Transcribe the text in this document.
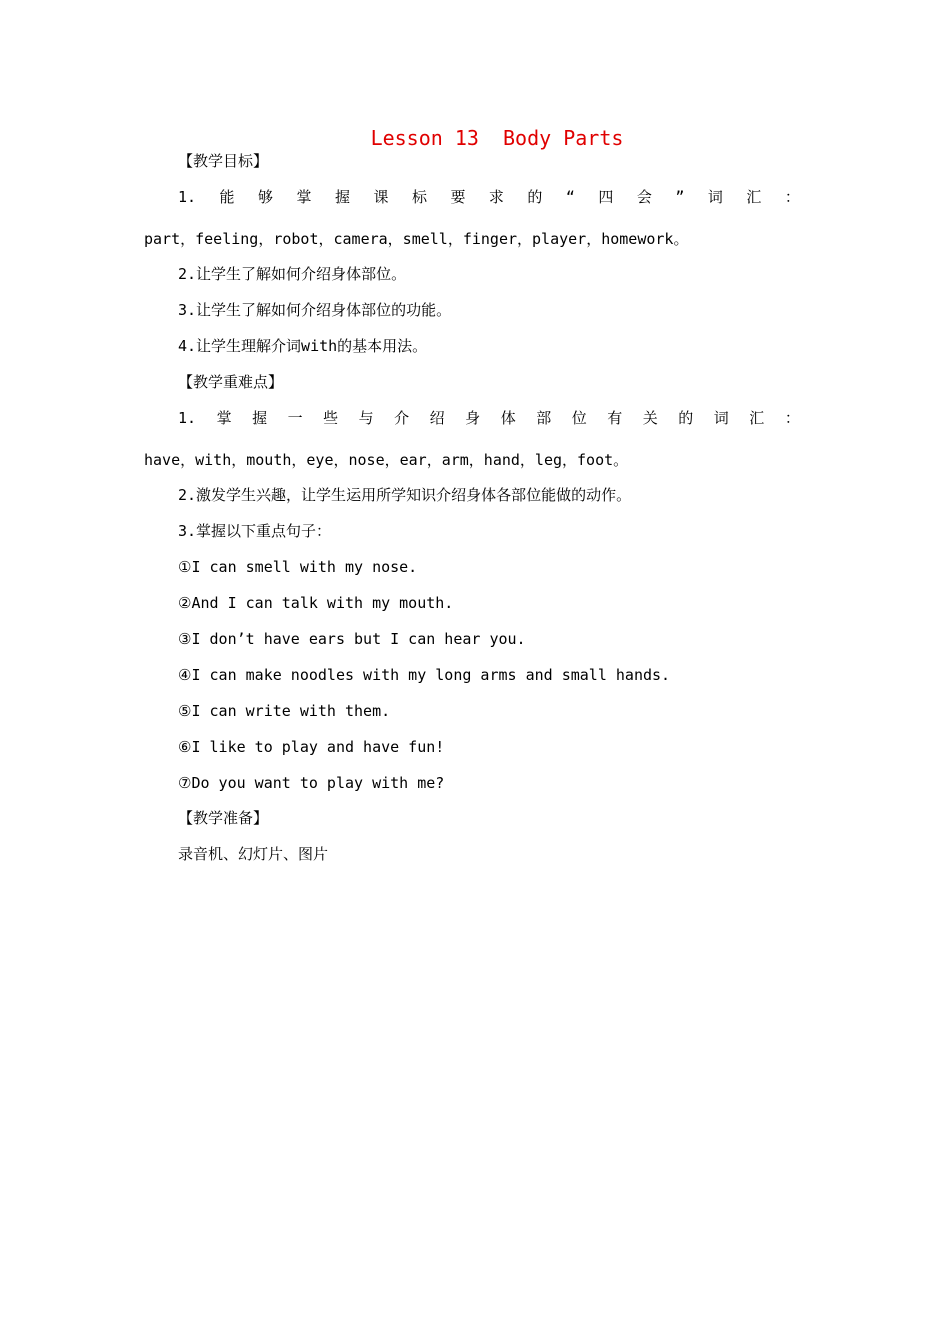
Lesson 13  Body Parts
【教学目标】
1. 能 够 掌 握 课 标 要 求 的 “ 四 会 ” 词 汇 ：
part，feeling，robot，camera，smell，finger，player，homework。
2.让学生了解如何介绍身体部位。
3.让学生了解如何介绍身体部位的功能。
4.让学生理解介词with的基本用法。
【教学重难点】
1. 掌 握 一 些 与 介 绍 身 体 部 位 有 关 的 词 汇 ：
have，with，mouth，eye，nose，ear，arm，hand，leg，foot。
2.激发学生兴趣，让学生运用所学知识介绍身体各部位能做的动作。
3.掌握以下重点句子：
①I can smell with my nose.
②And I can talk with my mouth.
③I don’t have ears but I can hear you.
④I can make noodles with my long arms and small hands.
⑤I can write with them.
⑥I like to play and have fun!
⑦Do you want to play with me?
【教学准备】
录音机、幻灯片、图片
